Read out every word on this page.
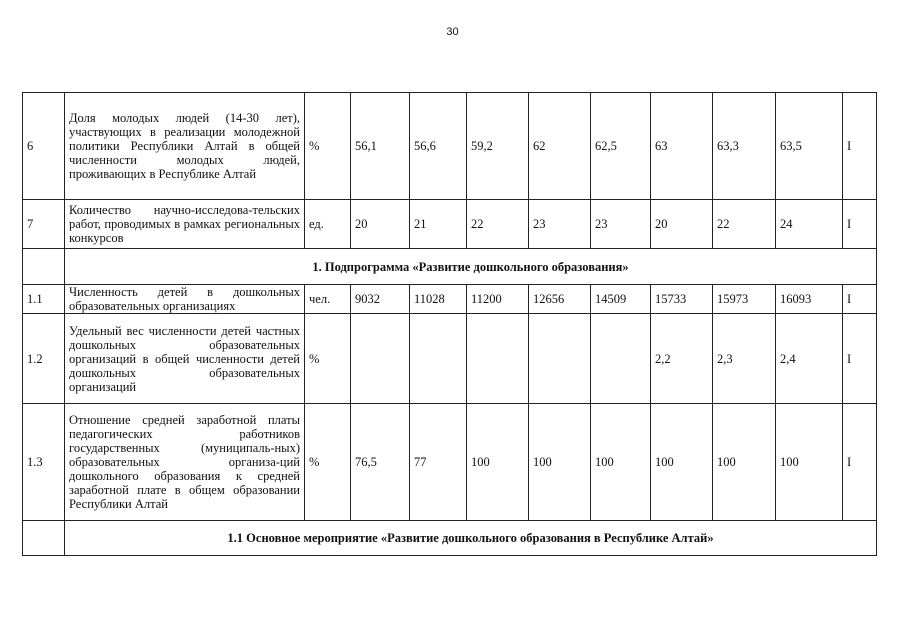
30
6	Доля молодых людей (14-30 лет), участвующих в реализации молодежной политики Республики Алтай в общей численности молодых людей, проживающих в Республике Алтай	%	56,1	56,6	59,2	62	62,5	63	63,3	63,5	I
7	Количество научно-исследова-тельских работ, проводимых в рамках региональных конкурсов	ед.	20	21	22	23	23	20	22	24	I
	1. Подпрограмма «Развитие дошкольного образования»										
1.1	Численность детей в дошкольных образовательных организациях	чел.	9032	11028	11200	12656	14509	15733	15973	16093	I
1.2	Удельный вес численности детей частных дошкольных образовательных организаций в общей численности детей дошкольных образовательных организаций	%						2,2	2,3	2,4	I
1.3	Отношение средней заработной платы педагогических работников государственных (муниципаль-ных) образовательных организа-ций дошкольного образования к средней заработной плате в общем образовании Республики Алтай	%	76,5	77	100	100	100	100	100	100	I
	1.1 Основное мероприятие «Развитие дошкольного образования в Республике Алтай»										
